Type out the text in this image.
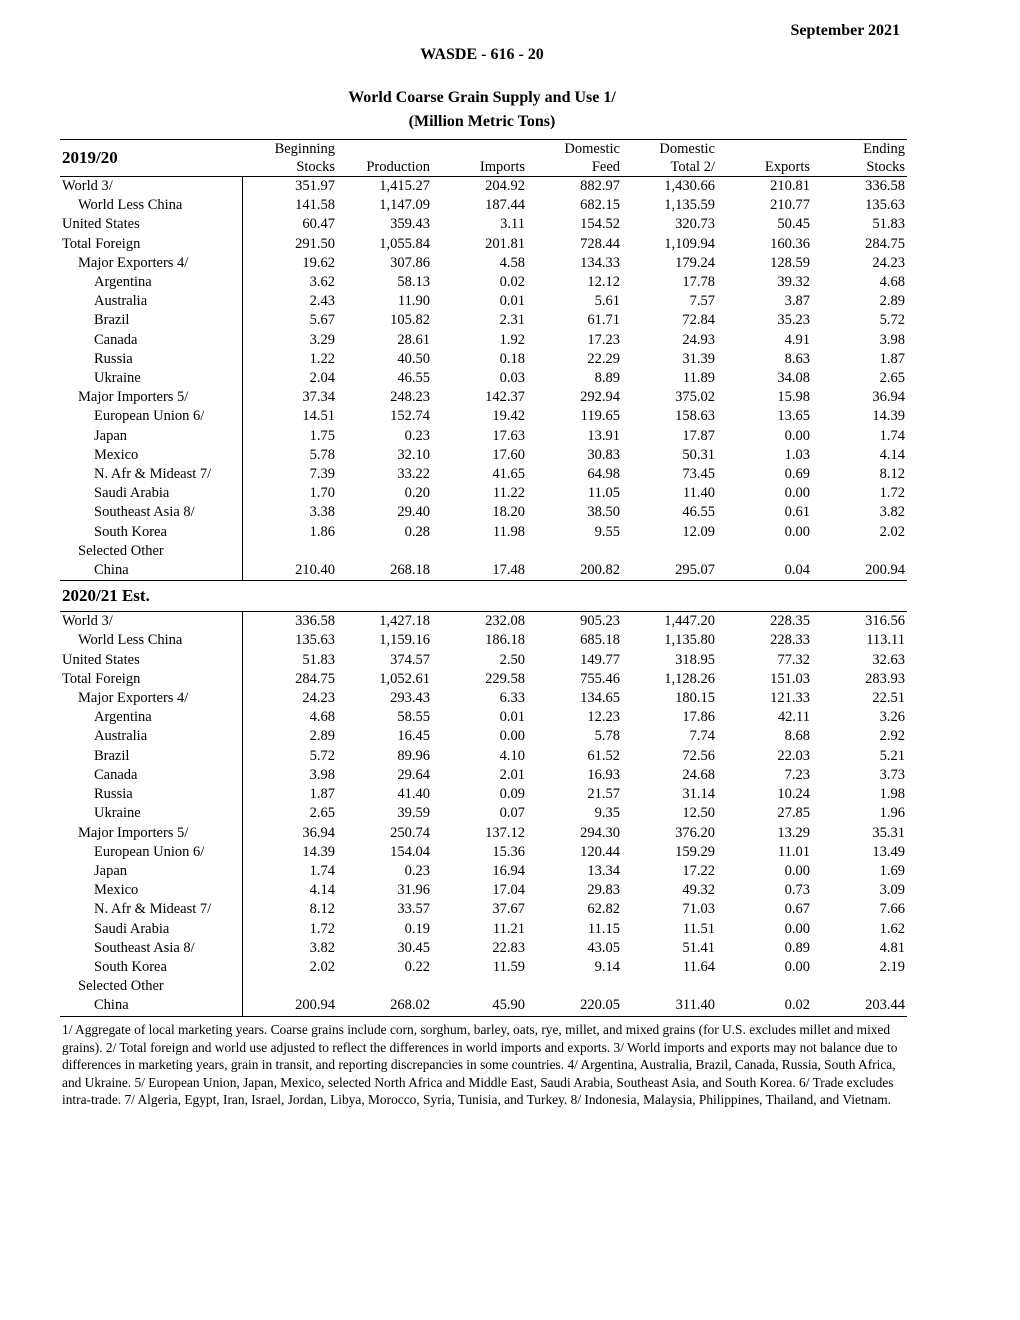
September 2021
WASDE - 616 - 20
World Coarse Grain Supply and Use 1/
(Million Metric Tons)
2019/20	Beginning			Domestic	Domestic		Ending
	Stocks	Production	Imports	Feed	Total 2/	Exports	Stocks
World 3/	351.97	1,415.27	204.92	882.97	1,430.66	210.81	336.58
World Less China	141.58	1,147.09	187.44	682.15	1,135.59	210.77	135.63
United States	60.47	359.43	3.11	154.52	320.73	50.45	51.83
Total Foreign	291.50	1,055.84	201.81	728.44	1,109.94	160.36	284.75
Major Exporters 4/	19.62	307.86	4.58	134.33	179.24	128.59	24.23
Argentina	3.62	58.13	0.02	12.12	17.78	39.32	4.68
Australia	2.43	11.90	0.01	5.61	7.57	3.87	2.89
Brazil	5.67	105.82	2.31	61.71	72.84	35.23	5.72
Canada	3.29	28.61	1.92	17.23	24.93	4.91	3.98
Russia	1.22	40.50	0.18	22.29	31.39	8.63	1.87
Ukraine	2.04	46.55	0.03	8.89	11.89	34.08	2.65
Major Importers 5/	37.34	248.23	142.37	292.94	375.02	15.98	36.94
European Union 6/	14.51	152.74	19.42	119.65	158.63	13.65	14.39
Japan	1.75	0.23	17.63	13.91	17.87	0.00	1.74
Mexico	5.78	32.10	17.60	30.83	50.31	1.03	4.14
N. Afr & Mideast 7/	7.39	33.22	41.65	64.98	73.45	0.69	8.12
Saudi Arabia	1.70	0.20	11.22	11.05	11.40	0.00	1.72
Southeast Asia 8/	3.38	29.40	18.20	38.50	46.55	0.61	3.82
South Korea	1.86	0.28	11.98	9.55	12.09	0.00	2.02
Selected Other							
China	210.40	268.18	17.48	200.82	295.07	0.04	200.94
2020/21 Est.							
World 3/	336.58	1,427.18	232.08	905.23	1,447.20	228.35	316.56
World Less China	135.63	1,159.16	186.18	685.18	1,135.80	228.33	113.11
United States	51.83	374.57	2.50	149.77	318.95	77.32	32.63
Total Foreign	284.75	1,052.61	229.58	755.46	1,128.26	151.03	283.93
Major Exporters 4/	24.23	293.43	6.33	134.65	180.15	121.33	22.51
Argentina	4.68	58.55	0.01	12.23	17.86	42.11	3.26
Australia	2.89	16.45	0.00	5.78	7.74	8.68	2.92
Brazil	5.72	89.96	4.10	61.52	72.56	22.03	5.21
Canada	3.98	29.64	2.01	16.93	24.68	7.23	3.73
Russia	1.87	41.40	0.09	21.57	31.14	10.24	1.98
Ukraine	2.65	39.59	0.07	9.35	12.50	27.85	1.96
Major Importers 5/	36.94	250.74	137.12	294.30	376.20	13.29	35.31
European Union 6/	14.39	154.04	15.36	120.44	159.29	11.01	13.49
Japan	1.74	0.23	16.94	13.34	17.22	0.00	1.69
Mexico	4.14	31.96	17.04	29.83	49.32	0.73	3.09
N. Afr & Mideast 7/	8.12	33.57	37.67	62.82	71.03	0.67	7.66
Saudi Arabia	1.72	0.19	11.21	11.15	11.51	0.00	1.62
Southeast Asia 8/	3.82	30.45	22.83	43.05	51.41	0.89	4.81
South Korea	2.02	0.22	11.59	9.14	11.64	0.00	2.19
Selected Other							
China	200.94	268.02	45.90	220.05	311.40	0.02	203.44
1/ Aggregate of local marketing years. Coarse grains include corn, sorghum, barley, oats, rye, millet, and mixed grains (for U.S. excludes millet and mixed grains). 2/ Total foreign and world use adjusted to reflect the differences in world imports and exports. 3/ World imports and exports may not balance due to differences in marketing years, grain in transit, and reporting discrepancies in some countries. 4/ Argentina, Australia, Brazil, Canada, Russia, South Africa, and Ukraine. 5/ European Union, Japan, Mexico, selected North Africa and Middle East, Saudi Arabia, Southeast Asia, and South Korea. 6/ Trade excludes intra-trade. 7/ Algeria, Egypt, Iran, Israel, Jordan, Libya, Morocco, Syria, Tunisia, and Turkey. 8/ Indonesia, Malaysia, Philippines, Thailand, and Vietnam.
